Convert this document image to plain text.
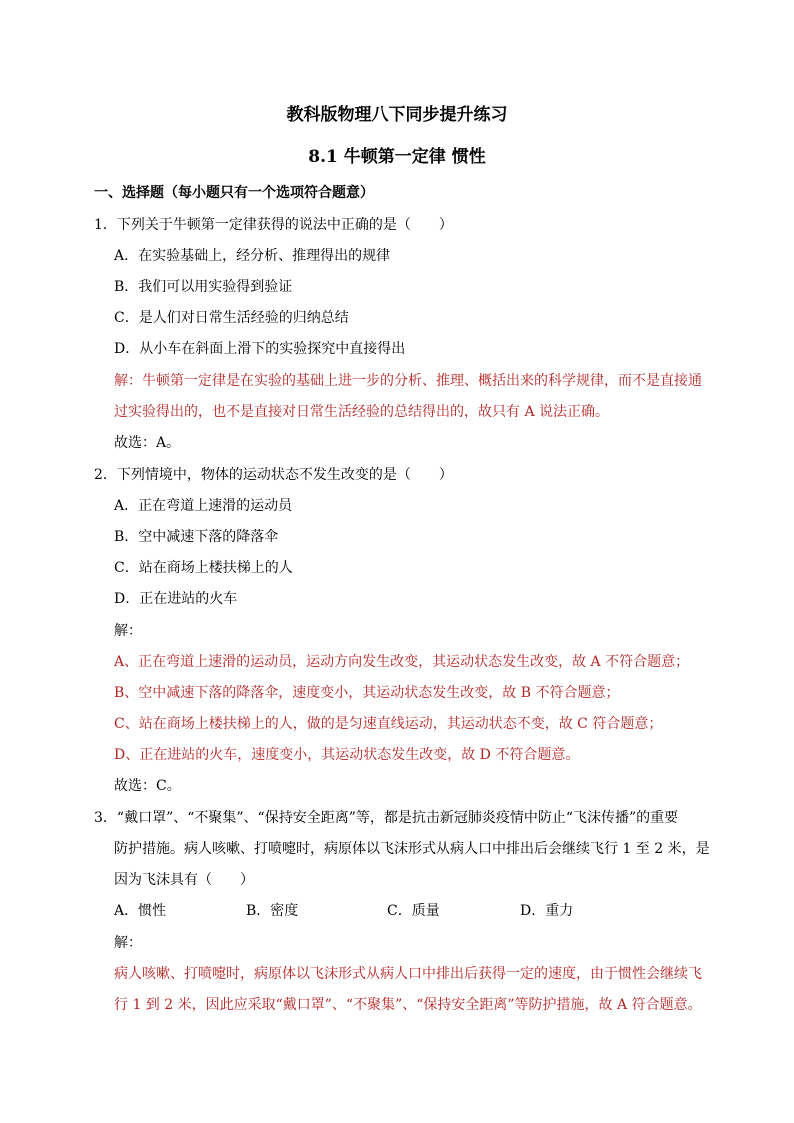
教科版物理八下同步提升练习
8.1 牛顿第一定律 惯性
一、选择题（每小题只有一个选项符合题意）
1．下列关于牛顿第一定律获得的说法中正确的是（　　）
A．在实验基础上，经分析、推理得出的规律
B．我们可以用实验得到验证
C．是人们对日常生活经验的归纳总结
D．从小车在斜面上滑下的实验探究中直接得出
解：牛顿第一定律是在实验的基础上进一步的分析、推理、概括出来的科学规律，而不是直接通
过实验得出的，也不是直接对日常生活经验的总结得出的，故只有 A 说法正确。
故选：A。
2．下列情境中，物体的运动状态不发生改变的是（　　）
A．正在弯道上速滑的运动员
B．空中减速下落的降落伞
C．站在商场上楼扶梯上的人
D．正在进站的火车
解：
A、正在弯道上速滑的运动员，运动方向发生改变，其运动状态发生改变，故 A 不符合题意；
B、空中减速下落的降落伞，速度变小，其运动状态发生改变，故 B 不符合题意；
C、站在商场上楼扶梯上的人，做的是匀速直线运动，其运动状态不变，故 C 符合题意；
D、正在进站的火车，速度变小，其运动状态发生改变，故 D 不符合题意。
故选：C。
3．“戴口罩”、“不聚集”、“保持安全距离”等，都是抗击新冠肺炎疫情中防止“飞沫传播”的重要
防护措施。病人咳嗽、打喷嚏时，病原体以飞沫形式从病人口中排出后会继续飞行 1 至 2 米，是
因为飞沫具有（　　）
A．惯性	B．密度	C．质量	D．重力
解：
病人咳嗽、打喷嚏时，病原体以飞沫形式从病人口中排出后获得一定的速度，由于惯性会继续飞
行 1 到 2 米，因此应采取“戴口罩”、“不聚集”、“保持安全距离”等防护措施，故 A 符合题意。
